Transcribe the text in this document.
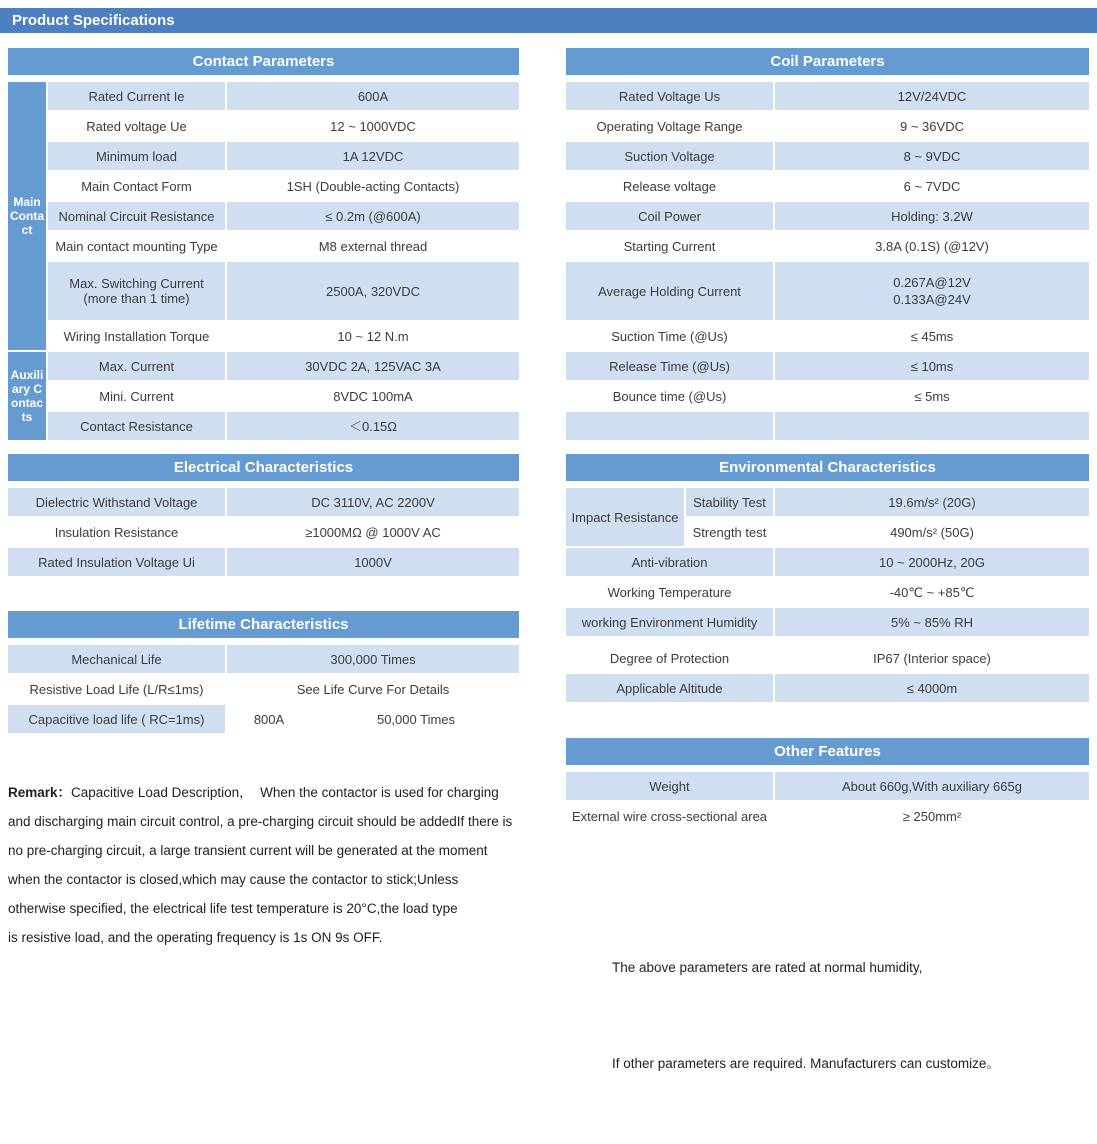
Product Specifications
Contact Parameters
Main Contact
Auxiliary Contacts
Rated Current Ie	600A
Rated voltage Ue	12 ~ 1000VDC
Minimum load	1A 12VDC
Main Contact Form	1SH (Double-acting Contacts)
Nominal Circuit Resistance	≤ 0.2m (@600A)
Main contact mounting Type	M8 external thread
Max. Switching Current (more than 1 time)	2500A, 320VDC
Wiring Installation Torque	10 ~ 12 N.m
Max. Current	30VDC 2A, 125VAC 3A
Mini. Current	8VDC 100mA
Contact Resistance	＜0.15Ω
Electrical Characteristics
Dielectric Withstand Voltage	DC 3110V, AC 2200V
Insulation Resistance	≥1000MΩ @ 1000V AC
Rated Insulation Voltage Ui	1000V
Lifetime Characteristics
Mechanical Life	300,000 Times
Resistive Load Life (L/R≤1ms)	See Life Curve For Details
Capacitive load life ( RC=1ms)	800A	50,000 Times
Remark：Capacitive Load Description，  When the contactor is used for charging
and discharging main circuit control, a pre-charging circuit should be addedIf there is
no pre-charging circuit, a large transient current will be generated at the moment
when the contactor is closed,which may cause the contactor to stick;Unless
otherwise specified, the electrical life test temperature is 20°C,the load type
is resistive load, and the operating frequency is 1s ON 9s OFF.
Coil Parameters
Rated Voltage Us	12V/24VDC
Operating Voltage Range	9 ~ 36VDC
Suction Voltage	8 ~ 9VDC
Release voltage	6 ~ 7VDC
Coil Power	Holding: 3.2W
Starting Current	3.8A (0.1S) (@12V)
Average Holding Current
0.267A@12V
0.133A@24V
Suction Time (@Us)	≤ 45ms
Release Time (@Us)	≤ 10ms
Bounce time (@Us)	≤ 5ms
Environmental Characteristics
Impact Resistance
Stability Test	19.6m/s² (20G)
Strength test	490m/s² (50G)
Anti-vibration	10 ~ 2000Hz, 20G
Working Temperature	-40℃ ~ +85℃
working Environment Humidity	5% ~ 85% RH
Degree of Protection	IP67 (Interior space)
Applicable Altitude	≤ 4000m
Other Features
Weight	About 660g,With auxiliary 665g
External wire cross-sectional area	≥ 250mm²

The above parameters are rated at normal humidity,

If other parameters are required. Manufacturers can customize。
